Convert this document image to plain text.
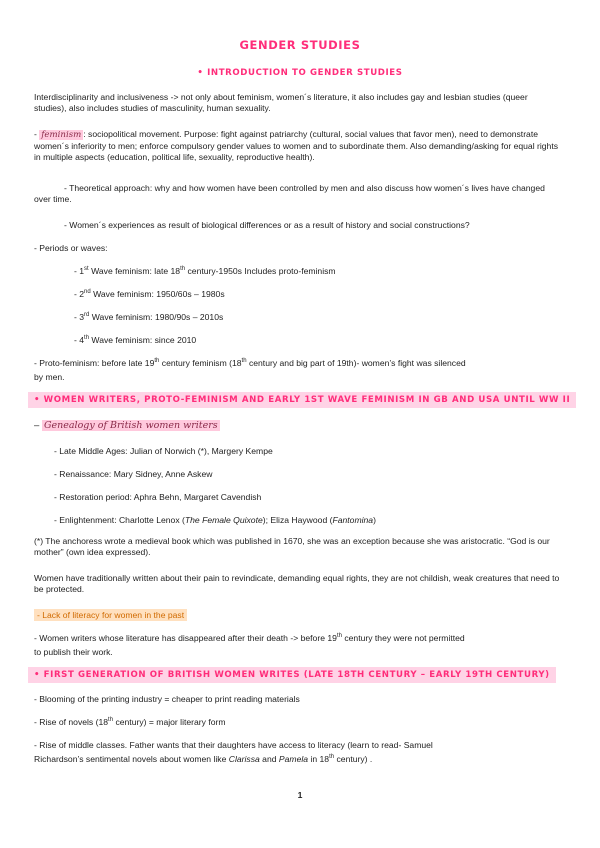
GENDER STUDIES
• INTRODUCTION TO GENDER STUDIES
Interdisciplinarity and inclusiveness -> not only about feminism, women´s literature, it also includes gay and lesbian studies (queer studies), also includes studies of masculinity, human sexuality.
- feminism : sociopolitical movement. Purpose: fight against patriarchy (cultural, social values that favor men), need to demonstrate women´s inferiority to men; enforce compulsory gender values to women and to subordinate them. Also demanding/asking for equal rights in multiple aspects (education, political life, sexuality, reproductive health).
- Theoretical approach: why and how women have been controlled by men and also discuss how women´s lives have changed over time.
- Women´s experiences as result of biological differences or as a result of history and social constructions?
- Periods or waves:
- 1st Wave feminism: late 18th century-1950s Includes proto-feminism
- 2nd Wave feminism: 1950/60s – 1980s
- 3rd Wave feminism: 1980/90s – 2010s
- 4th Wave feminism: since 2010
- Proto-feminism: before late 19th century feminism (18th century and big part of 19th)- women’s fight was silenced
by men.
• WOMEN WRITERS, PROTO-FEMINISM AND EARLY 1ST WAVE FEMINISM IN GB AND USA UNTIL WW II
– Genealogy of British women writers
- Late Middle Ages: Julian of Norwich (*), Margery Kempe
- Renaissance: Mary Sidney, Anne Askew
- Restoration period: Aphra Behn, Margaret Cavendish
- Enlightenment: Charlotte Lenox (The Female Quixote); Eliza Haywood (Fantomina)
(*) The anchoress wrote a medieval book which was published in 1670, she was an exception because she was aristocratic. “God is our mother” (own idea expressed).
Women have traditionally written about their pain to revindicate, demanding equal rights, they are not childish, weak creatures that need to be protected.
- Lack of literacy for women in the past
- Women writers whose literature has disappeared after their death -> before 19th century they were not permitted
to publish their work.
• FIRST GENERATION OF BRITISH WOMEN WRITES (LATE 18TH CENTURY – EARLY 19TH CENTURY)
- Blooming of the printing industry = cheaper to print reading materials
- Rise of novels (18th century) = major literary form
- Rise of middle classes. Father wants that their daughters have access to literacy (learn to read- Samuel
Richardson’s sentimental novels about women like Clarissa and Pamela in 18th century) .
1
